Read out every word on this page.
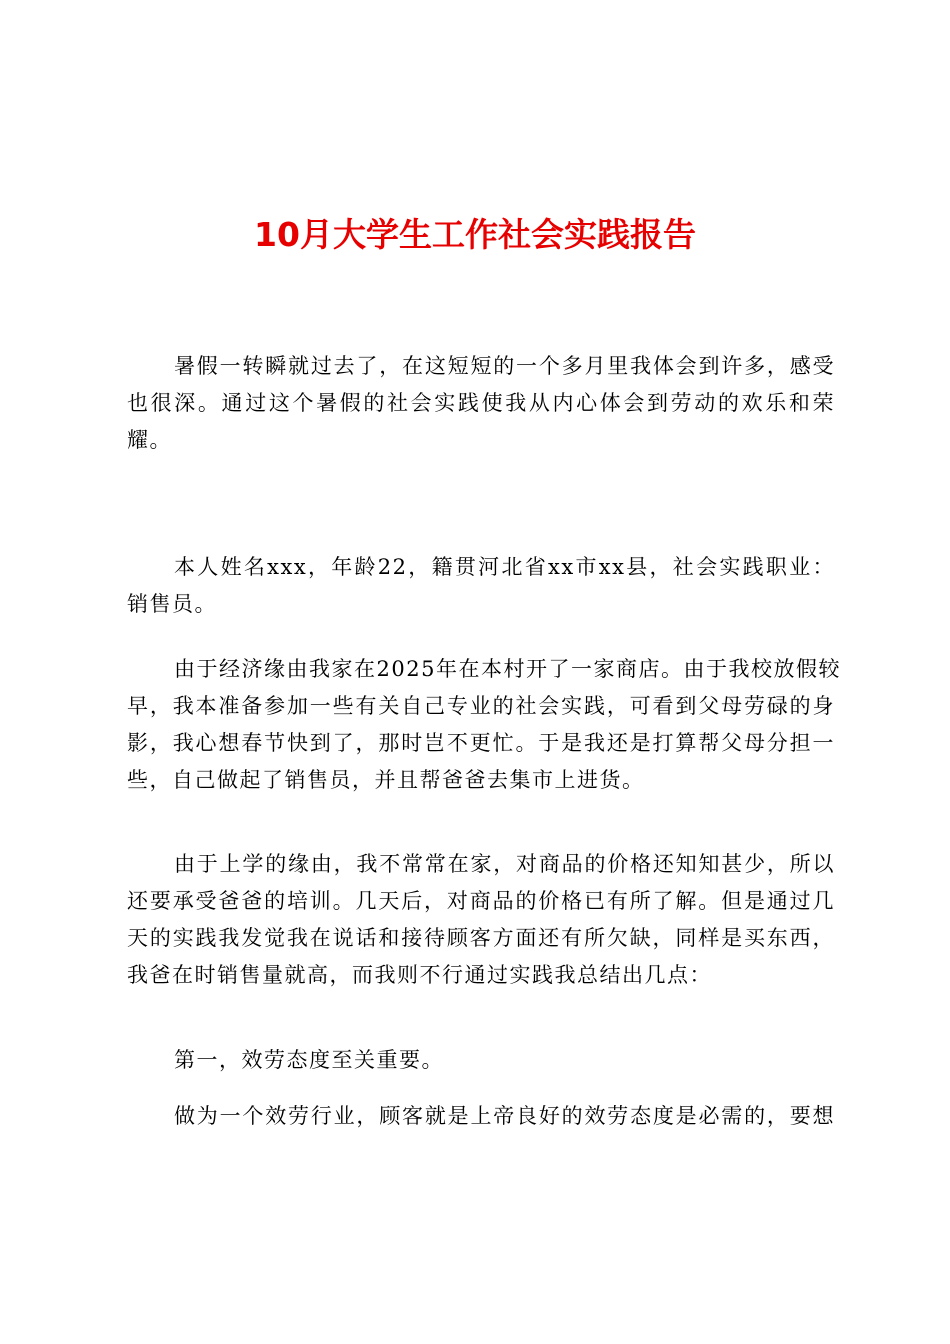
10月大学生工作社会实践报告
暑假一转瞬就过去了，在这短短的一个多月里我体会到许多，感受
也很深。通过这个暑假的社会实践使我从内心体会到劳动的欢乐和荣
耀。
本人姓名xxx，年龄22，籍贯河北省xx市xx县，社会实践职业：
销售员。
由于经济缘由我家在2025年在本村开了一家商店。由于我校放假较
早，我本准备参加一些有关自己专业的社会实践，可看到父母劳碌的身
影，我心想春节快到了，那时岂不更忙。于是我还是打算帮父母分担一
些，自己做起了销售员，并且帮爸爸去集市上进货。
由于上学的缘由，我不常常在家，对商品的价格还知知甚少，所以
还要承受爸爸的培训。几天后，对商品的价格已有所了解。但是通过几
天的实践我发觉我在说话和接待顾客方面还有所欠缺，同样是买东西，
我爸在时销售量就高，而我则不行通过实践我总结出几点：
第一，效劳态度至关重要。
做为一个效劳行业，顾客就是上帝良好的效劳态度是必需的，要想
